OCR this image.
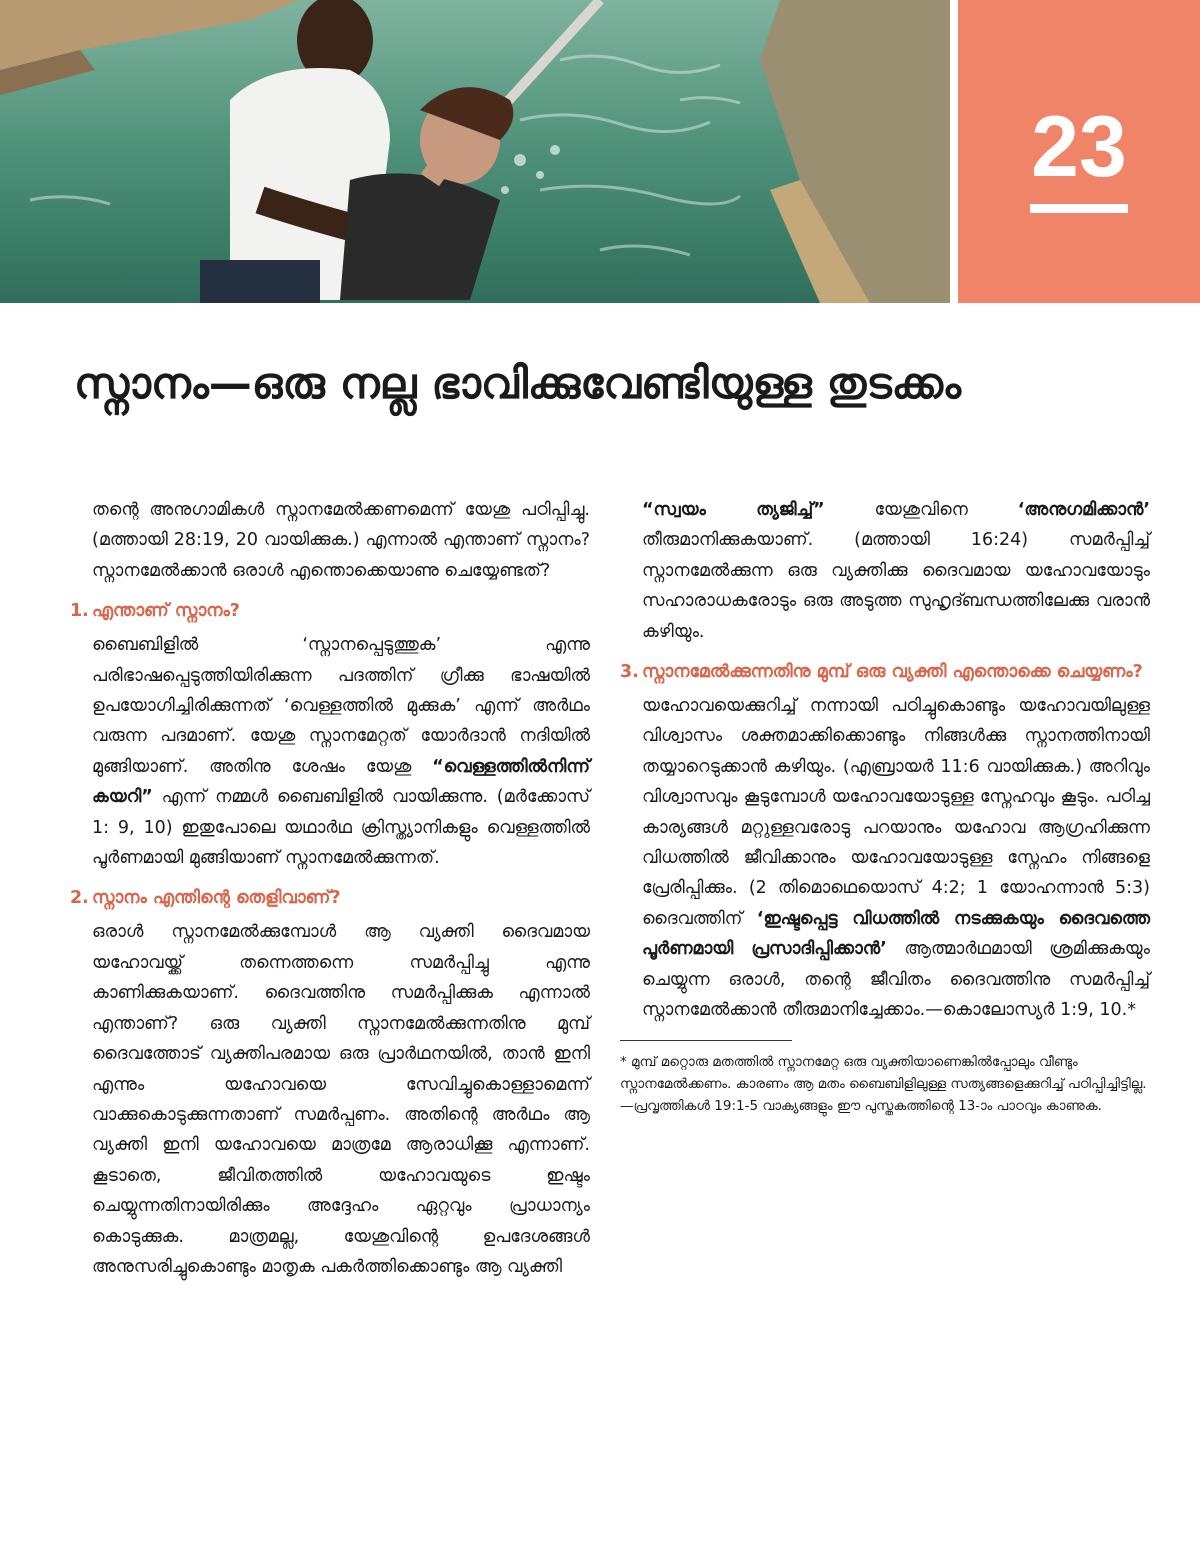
23
സ്നാനം—ഒരു നല്ല ഭാവിക്കുവേണ്ടിയുള്ള തുടക്കം

തന്റെ അനുഗാമികൾ സ്നാനമേൽക്കണമെന്ന് യേശു പഠിപ്പിച്ചു. (മത്തായി 28:19, 20 വായിക്കുക.) എന്നാൽ എന്താണ് സ്നാനം? സ്നാനമേൽക്കാൻ ഒരാൾ എന്തൊക്കെയാണു ചെയ്യേണ്ടത്?

1. എന്താണ് സ്നാനം?

ബൈബിളിൽ ‘സ്നാനപ്പെടുത്തുക’ എന്നു പരിഭാഷപ്പെടുത്തിയിരിക്കുന്ന പദത്തിന് ഗ്രീക്കു ഭാഷയിൽ ഉപയോഗിച്ചിരിക്കുന്നത് ‘വെള്ളത്തിൽ മുക്കുക’ എന്ന് അർഥം വരുന്ന പദമാണ്. യേശു സ്നാനമേറ്റത് യോർദാൻ നദിയിൽ മുങ്ങിയാണ്. അതിനു ശേഷം യേശു “വെള്ളത്തിൽനിന്ന് കയറി” എന്ന് നമ്മൾ ബൈബിളിൽ വായിക്കുന്നു. (മർക്കോസ് 1: 9, 10) ഇതുപോലെ യഥാർഥ ക്രിസ്ത്യാനികളും വെള്ളത്തിൽ പൂർണമായി മുങ്ങിയാണ് സ്നാനമേൽക്കുന്നത്.

2. സ്നാനം എന്തിന്റെ തെളിവാണ്?

ഒരാൾ സ്നാനമേൽക്കുമ്പോൾ ആ വ്യക്തി ദൈവമായ യഹോവയ്ക്ക് തന്നെത്തന്നെ സമർപ്പിച്ചു എന്നു കാണിക്കുകയാണ്. ദൈവത്തിനു സമർപ്പിക്കുക എന്നാൽ എന്താണ്? ഒരു വ്യക്തി സ്നാനമേൽക്കുന്നതിനു മുമ്പ് ദൈവത്തോട് വ്യക്തിപരമായ ഒരു പ്രാർഥനയിൽ, താൻ ഇനി എന്നും യഹോവയെ സേവിച്ചുകൊള്ളാമെന്ന് വാക്കുകൊടുക്കുന്നതാണ് സമർപ്പണം. അതിന്റെ അർഥം ആ വ്യക്തി ഇനി യഹോവയെ മാത്രമേ ആരാധിക്കൂ എന്നാണ്. കൂടാതെ, ജീവിതത്തിൽ യഹോവയുടെ ഇഷ്ടം ചെയ്യുന്നതിനായിരിക്കും അദ്ദേഹം ഏറ്റവും പ്രാധാന്യം കൊടുക്കുക. മാത്രമല്ല, യേശുവിന്റെ ഉപദേശങ്ങൾ അനുസരിച്ചുകൊണ്ടും മാതൃക പകർത്തിക്കൊണ്ടും ആ വ്യക്തി

“സ്വയം ത്യജിച്ച്”	യേശുവിനെ	‘അനുഗമിക്കാൻ’ തീരുമാനിക്കുകയാണ്. (മത്തായി 16:24) സമർപ്പിച്ച് സ്നാനമേൽക്കുന്ന ഒരു വ്യക്തിക്കു ദൈവമായ യഹോവയോടും സഹാരാധകരോടും ഒരു അടുത്ത സുഹൃദ്ബന്ധത്തിലേക്കു വരാൻ കഴിയും.

3. സ്നാനമേൽക്കുന്നതിനു മുമ്പ് ഒരു വ്യക്തി എന്തൊക്കെ ചെയ്യണം?

യഹോവയെക്കുറിച്ച് നന്നായി പഠിച്ചുകൊണ്ടും യഹോവയിലുള്ള വിശ്വാസം ശക്തമാക്കിക്കൊണ്ടും നിങ്ങൾക്കു സ്നാനത്തിനായി തയ്യാറെടുക്കാൻ കഴിയും. (എബ്രായർ 11:6 വായിക്കുക.) അറിവും വിശ്വാസവും കൂടുമ്പോൾ യഹോവയോടുള്ള സ്നേഹവും കൂടും. പഠിച്ച കാര്യങ്ങൾ മറ്റുള്ളവരോടു പറയാനും യഹോവ ആഗ്രഹിക്കുന്ന വിധത്തിൽ ജീവിക്കാനും യഹോവയോടുള്ള സ്നേഹം നിങ്ങളെ പ്രേരിപ്പിക്കും. (2 തിമൊഥെയൊസ് 4:2; 1 യോഹന്നാൻ 5:3) ദൈവത്തിന് ‘ഇഷ്ടപ്പെട്ട വിധത്തിൽ നടക്കുകയും ദൈവത്തെ പൂർണമായി പ്രസാദിപ്പിക്കാൻ’ ആത്മാർഥമായി ശ്രമിക്കുകയും ചെയ്യുന്ന ഒരാൾ, തന്റെ ജീവിതം ദൈവത്തിനു സമർപ്പിച്ച് സ്നാനമേൽക്കാൻ തീരുമാനിച്ചേക്കാം.—കൊലോസ്യർ 1:9, 10.*

* മുമ്പ് മറ്റൊരു മതത്തിൽ സ്നാനമേറ്റ ഒരു വ്യക്തിയാണെങ്കിൽപ്പോലും വീണ്ടും സ്നാനമേൽക്കണം. കാരണം ആ മതം ബൈബിളിലുള്ള സത്യങ്ങളെക്കുറിച്ച് പഠിപ്പിച്ചിട്ടില്ല.—പ്രവൃത്തികൾ 19:1-5 വാക്യങ്ങളും ഈ പുസ്തകത്തിന്റെ 13-ാം പാഠവും കാണുക.
